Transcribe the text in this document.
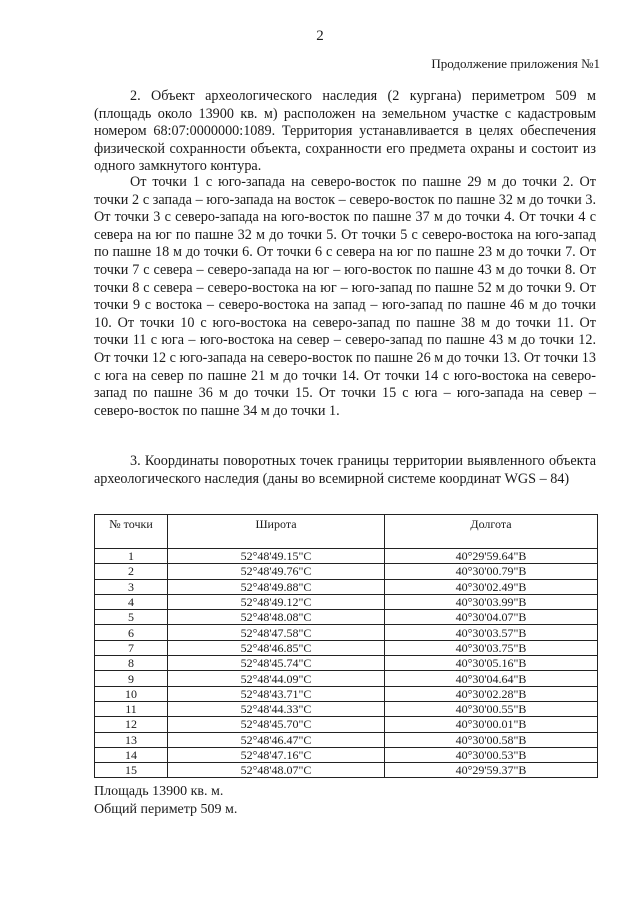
2
Продолжение приложения №1

2. Объект археологического наследия (2 кургана) периметром 509 м (площадь около 13900 кв. м) расположен на земельном участке с кадастровым номером 68:07:0000000:1089. Территория устанавливается в целях обеспечения физической сохранности объекта, сохранности его предмета охраны и состоит из одного замкнутого контура.

От точки 1 с юго-запада на северо-восток по пашне 29 м до точки 2. От точки 2 с запада – юго-запада на восток – северо-восток по пашне 32 м до точки 3. От точки 3 с северо-запада на юго-восток по пашне 37 м до точки 4. От точки 4 с севера на юг по пашне 32 м до точки 5. От точки 5 с северо-востока на юго-запад по пашне 18 м до точки 6. От точки 6 с севера на юг по пашне 23 м до точки 7. От точки 7 с севера – северо-запада на юг – юго-восток по пашне 43 м до точки 8. От точки 8 с севера – северо-востока на юг – юго-запад по пашне 52 м до точки 9. От точки 9 с востока – северо-востока на запад – юго-запад по пашне 46 м до точки 10. От точки 10 с юго-востока на северо-запад по пашне 38 м до точки 11. От точки 11 с юга – юго-востока на север – северо-запад по пашне 43 м до точки 12. От точки 12 с юго-запада на северо-восток по пашне 26 м до точки 13. От точки 13 с юга на север по пашне 21 м до точки 14. От точки 14 с юго-востока на северо-запад по пашне 36 м до точки 15. От точки 15 с юга – юго-запада на север – северо-восток по пашне 34 м до точки 1.

3. Координаты поворотных точек границы территории выявленного объекта археологического наследия (даны во всемирной системе координат WGS – 84)

№ точки	Широта	Долгота
1	52°48'49.15"С	40°29'59.64"В
2	52°48'49.76"С	40°30'00.79"В
3	52°48'49.88"С	40°30'02.49"В
4	52°48'49.12"С	40°30'03.99"В
5	52°48'48.08"С	40°30'04.07"В
6	52°48'47.58"С	40°30'03.57"В
7	52°48'46.85"С	40°30'03.75"В
8	52°48'45.74"С	40°30'05.16"В
9	52°48'44.09"С	40°30'04.64"В
10	52°48'43.71"С	40°30'02.28"В
11	52°48'44.33"С	40°30'00.55"В
12	52°48'45.70"С	40°30'00.01"В
13	52°48'46.47"С	40°30'00.58"В
14	52°48'47.16"С	40°30'00.53"В
15	52°48'48.07"С	40°29'59.37"В
Площадь 13900 кв. м.
Общий периметр 509 м.
